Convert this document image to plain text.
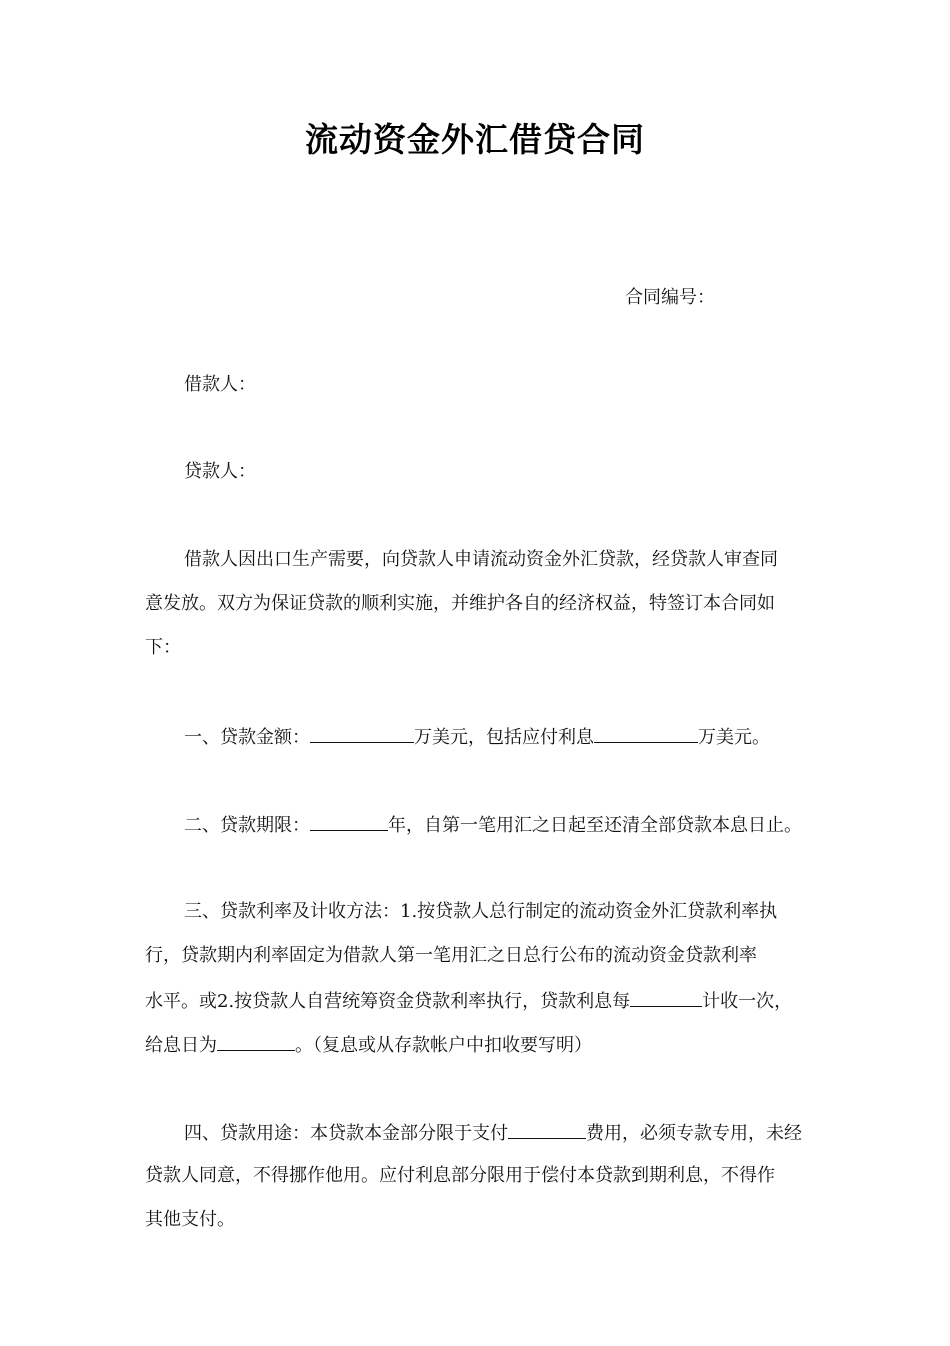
流动资金外汇借贷合同
合同编号：
借款人：
贷款人：
借款人因出口生产需要，向贷款人申请流动资金外汇贷款，经贷款人审查同
意发放。双方为保证贷款的顺利实施，并维护各自的经济权益，特签订本合同如
下：
一、贷款金额：	万美元，包括应付利息	万美元。
二、贷款期限：	年，自第一笔用汇之日起至还清全部贷款本息日止。
三、贷款利率及计收方法：1.按贷款人总行制定的流动资金外汇贷款利率执
行，贷款期内利率固定为借款人第一笔用汇之日总行公布的流动资金贷款利率
水平。或2.按贷款人自营统筹资金贷款利率执行，贷款利息每	计收一次，
给息日为	。（复息或从存款帐户中扣收要写明）
四、贷款用途：本贷款本金部分限于支付	费用，必须专款专用，未经
贷款人同意，不得挪作他用。应付利息部分限用于偿付本贷款到期利息，不得作
其他支付。
